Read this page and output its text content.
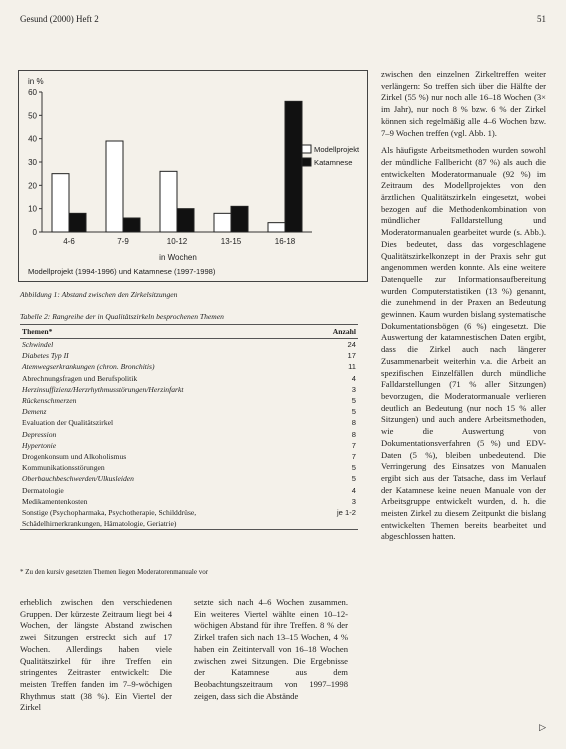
Gesund (2000) Heft 2	51
in %
0
10
20
30
40
50
60
4-6	7-9	10-12	13-15	16-18
in Wochen
Modellprojekt (1994-1996) und Katamnese (1997-1998)
Modellprojekt
Katamnese
Abbildung 1: Abstand zwischen den Zirkelsitzungen
Tabelle 2: Rangreihe der in Qualitätszirkeln besprochenen Themen
Themen*	Anzahl
Schwindel	24
Diabetes Typ II	17
Atemwegserkrankungen (chron. Bronchitis)	11
Abrechnungsfragen und Berufspolitik	4
Herzinsuffizienz/Herzrhythmusstörungen/Herzinfarkt	3
Rückenschmerzen	5
Demenz	5
Evaluation der Qualitätszirkel	8
Depression	8
Hypertonie	7
Drogenkonsum und Alkoholismus	7
Kommunikationsstörungen	5
Oberbauchbeschwerden/Ulkusleiden	5
Dermatologie	4
Medikamentenkosten	3
Sonstige (Psychopharmaka, Psychotherapie, Schilddrüse,	je 1-2
Schädelhirnerkrankungen, Hämatologie, Geriatrie)	
* Zu den kursiv gesetzten Themen liegen Moderatorenmanuale vor
erheblich zwischen den verschiedenen Gruppen. Der kürzeste Zeitraum liegt bei 4 Wochen, der längste Abstand zwischen zwei Sitzungen erstreckt sich auf 17 Wochen. Allerdings haben viele Qualitätszirkel für ihre Treffen ein stringentes Zeitraster entwickelt: Die meisten Treffen fanden im 7–9-wöchigen Rhythmus statt (38 %). Ein Viertel der Zirkel
setzte sich nach 4–6 Wochen zusammen. Ein weiteres Viertel wählte einen 10–12-wöchigen Abstand für ihre Treffen. 8 % der Zirkel trafen sich nach 13–15 Wochen, 4 % haben ein Zeitintervall von 16–18 Wochen zwischen zwei Sitzungen. Die Ergebnisse der Katamnese aus dem Beobachtungszeitraum von 1997–1998 zeigen, dass sich die Abstände

zwischen den einzelnen Zirkeltreffen weiter verlängern: So treffen sich über die Hälfte der Zirkel (55 %) nur noch alle 16–18 Wochen (3× im Jahr), nur noch 8 % bzw. 6 % der Zirkel können sich regelmäßig alle 4–6 Wochen bzw. 7–9 Wochen treffen (vgl. Abb. 1).

Als häufigste Arbeitsmethoden wurden sowohl der mündliche Fallbericht (87 %) als auch die entwickelten Moderatormanuale (92 %) im Zeitraum des Modellprojektes von den ärztlichen Qualitätszirkeln eingesetzt, wobei bezogen auf die Methodenkombination von mündlicher Falldarstellung und Moderatormanualen gearbeitet wurde (s. Abb.). Dies bedeutet, dass das vorgeschlagene Qualitätszirkelkonzept in der Praxis sehr gut angenommen werden konnte. Als eine weitere Datenquelle zur Informationsaufbereitung wurden Computerstatistiken (13 %) genannt, die zunehmend in der Praxen an Bedeutung gewinnen. Kaum wurden bislang systematische Dokumentationsbögen (6 %) eingesetzt. Die Auswertung der katamnestischen Daten ergibt, dass die Zirkel auch nach längerer Zusammenarbeit weiterhin v.a. die Arbeit an spezifischen Einzelfällen durch mündliche Falldarstellungen (71 % aller Sitzungen) bevorzugen, die Moderatormanuale verlieren deutlich an Bedeutung (nur noch 15 % aller Sitzungen) und auch andere Arbeitsmethoden, wie die Auswertung von Dokumentationsverfahren (5 %) und EDV-Daten (5 %), bleiben unbedeutend. Die Verringerung des Einsatzes von Manualen ergibt sich aus der Tatsache, dass im Verlauf der Katamnese keine neuen Manuale von der Arbeitsgruppe entwickelt wurden, d. h. die meisten Zirkel zu diesem Zeitpunkt die bislang entwickelten Themen bereits bearbeitet und abgeschlossen hatten.

▷
